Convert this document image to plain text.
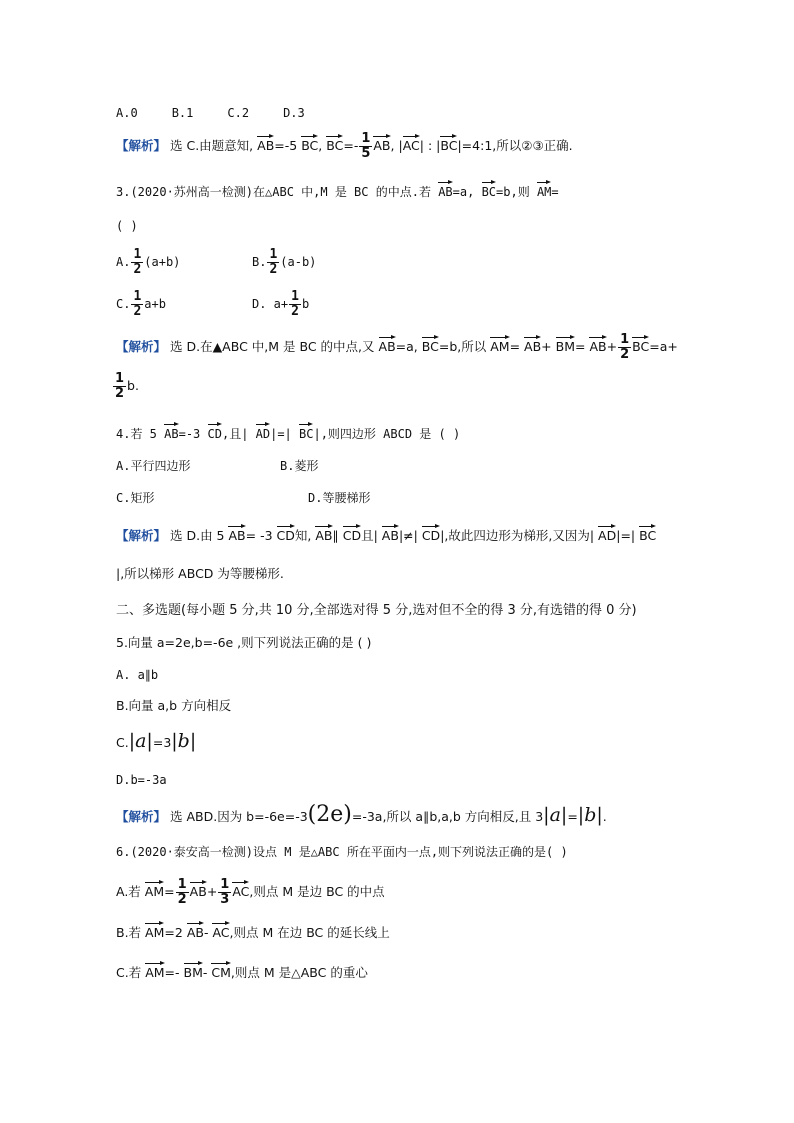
A.0	B.1	C.2	D.3
【解析】 选 C.由题意知, AB=-5 BC, $BC=- \frac{1}{5}$ AB, |AC| : |BC|=4:1,所以②③正确.
3.(2020·苏州高一检测)在△ABC 中,M 是 BC 的中点.若 AB=a, BC=b,则 AM=
( )
A. $\frac{1}{2} (a+b)$	B. $\frac{1}{2} (a-b)$
C. $\frac{1}{2} a+b$	D. $a+ \frac{1}{2}$ b
【解析】 选 D.在▲ABC 中,M 是 BC 的中点,又 AB=a, BC=b,所以 $AM= AB+ BM= AB+ \frac{1}{2} BC=a+$
$\frac{1}{2} b$.
4.若 5 AB=-3 CD,且| AD|=| BC|,则四边形 ABCD 是 ( )
A.平行四边形	B.菱形
C.矩形	D.等腰梯形
【解析】 选 D.由 5 AB= -3 CD知, AB∥ CD且| AB|≠| CD|,故此四边形为梯形,又因为| AD|=| BC
|,所以梯形 ABCD 为等腰梯形.
二、多选题(每小题 5 分,共 10 分,全部选对得 5 分,选对但不全的得 3 分,有选错的得 0 分)
5.向量 a=2e,b=-6e ,则下列说法正确的是 ( )
A. a∥b
B.向量 a,b 方向相反
C.|a|=3|b|
D.b=-3a
【解析】 选 ABD.因为 b=-6e=-3(2e)=-3a,所以 a∥b,a,b 方向相反,且 3|a|=|b|.
6.(2020·泰安高一检测)设点 M 是△ABC 所在平面内一点,则下列说法正确的是( )
A.若 $AM= \frac{1}{2} AB+ \frac{1}{3}$ AC,则点 M 是边 BC 的中点
B.若 AM=2 AB- AC,则点 M 在边 BC 的延长线上
C.若 AM=- BM- CM,则点 M 是△ABC 的重心
